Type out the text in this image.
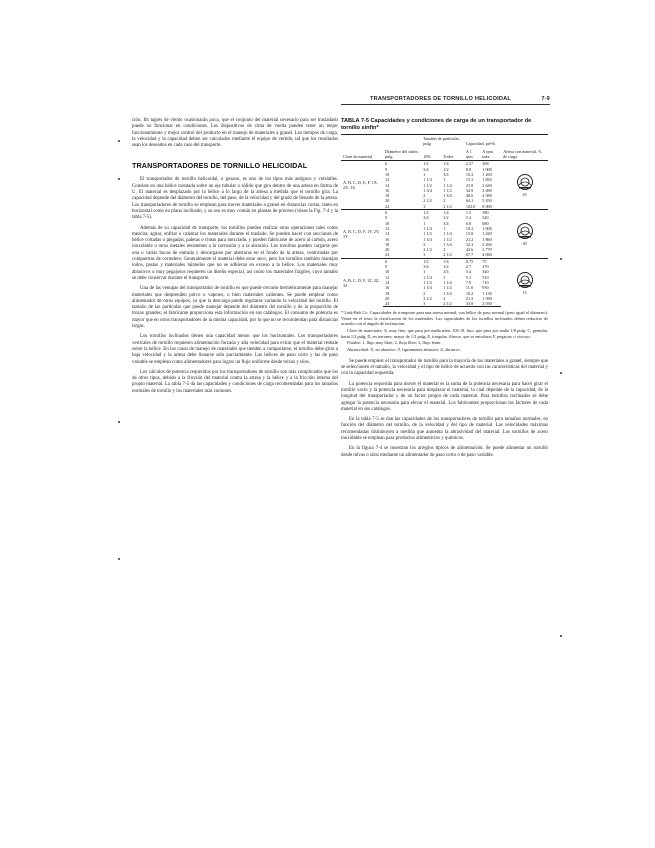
TRANSPORTADORES DE TORNILLO HELICOIDAL	7-9

ción. Ith tagres de viento ocasionarán poca, que el conjunto del material necesario para ser trasladado puede no funcionar en condiciones. Los dispositivos de cinta de vuelta pueden tener un mejor funcionamiento y mejor control del producto en el manejo de materiales a granel. Los tiempos de carga, la velocidad y la capacidad deben ser calculados mediante el equipo de vertido, tal que los resultados sean los deseados en cada caso del transporte.

TRANSPORTADORES DE TORNILLO HELICOIDAL

El transportador de tornillo helicoidal, o gusano, es uno de los tipos más antiguos y versátiles. Consiste en una hélice montada sobre un eje tubular o sólido que gira dentro de una artesa en forma de U. El material es desplazado por la hélice a lo largo de la artesa a medida que el tornillo gira. La capacidad depende del diámetro del tornillo, del paso, de la velocidad y del grado de llenado de la artesa. Los transportadores de tornillo se emplean para mover materiales a granel en distancias cortas, tanto en horizontal como en plano inclinado, y su uso es muy común en plantas de proceso (véase la Fig. 7-4 y la tabla 7-5).

Además de su capacidad de transporte, los tornillos pueden realizar otras operaciones tales como mezclar, agitar, enfriar o calentar los materiales durante el traslado. Se pueden hacer con secciones de hélice cortadas o plegadas, paletas o cintas para mezclado, y pueden fabricarse de acero al carbón, acero inoxidable u otros metales resistentes a la corrosión y a la abrasión. Los tornillos pueden cargarse por una o varias bocas de entrada y descargarse por aberturas en el fondo de la artesa, controladas por compuertas de corredera. Generalmente el material debe estar seco, pero los tornillos también manejan lodos, pastas y materiales húmedos que no se adhieran en exceso a la hélice. Los materiales muy abrasivos o muy pegajosos requieren un diseño especial, así como los materiales frágiles, cuyo tamaño se debe conservar durante el transporte.

Una de las ventajas del transportador de tornillo es que puede cerrarse herméticamente para manejar materiales que desprenden polvo o vapores, o bien materiales calientes. Se puede emplear como alimentador de otros equipos, ya que la descarga puede regularse variando la velocidad del tornillo. El tamaño de las partículas que puede manejar depende del diámetro del tornillo y de la proporción de trozos grandes; el fabricante proporciona esta información en sus catálogos. El consumo de potencia es mayor que en otros transportadores de la misma capacidad, por lo que no se recomiendan para distancias largas.

Los tornillos inclinados tienen una capacidad menor que los horizontales. Los transportadores verticales de tornillo requieren alimentación forzada y alta velocidad para evitar que el material resbale sobre la hélice. En los casos de manejo de materiales que tienden a compactarse, el tornillo debe girar a baja velocidad y la artesa debe llenarse sólo parcialmente. Las hélices de paso corto y las de paso variable se emplean como alimentadores para lograr un flujo uniforme desde tolvas y silos.

Los cálculos de potencia requeridos por los transportadores de tornillo son más complicados que los de otros tipos, debido a la fricción del material contra la artesa y la hélice y a la fricción interna del propio material. La tabla 7-5 da las capacidades y condiciones de carga recomendadas para los tamaños normales de tornillo y los materiales más comunes.

TABLA 7-5 Capacidades y condiciones de carga de un transportador de tornillo sinfín*
Clase de material	Diámetro del sinfín, pulg	Tamaño de partículas, pulg		Capacidad, pie³/h		Artesa con material, % de carga
		10%	Todos	A 1 rpm	A rpm máx.	
A, B, C, D, E, F, 1X, 2X, 3X	6	1/2	1/4	2.27	368	45

	9	3/4	1/2	8.0	1 000	
	10	1	3/4	10.2	1 260	
	12	1 1/4	1	15.3	1 850	
	14	1 1/2	1 1/4	23.8	2 640	
	16	1 3/4	1 1/2	34.9	3 490	
	18	2	1 3/4	48.6	4 380	
	20	2 1/2	2	64.1	5 450	
	24	3	2 1/2	102.0	8 000	
A, B, C, D, F, 1Y, 2Y, 3Y	6	1/2	1/4	1.5	180	30

	9	3/4	1/2	5.4	540	
	10	1	3/4	6.8	680	
	12	1 1/4	1	10.2	1 000	
	14	1 1/2	1 1/4	15.8	1 420	
	16	1 3/4	1 1/2	23.2	1 860	
	18	2	1 3/4	32.3	2 260	
	20	2 1/2	2	42.6	2 770	
	24	3	2 1/2	67.7	4 060	
A, B, C, D, F, 1Z, 2Z, 3Z	6	1/2	1/4	0.75	75	15

	9	3/4	1/2	2.7	270	
	10	1	3/4	3.4	340	
	12	1 1/4	1	5.1	510	
	14	1 1/2	1 1/4	7.9	710	
	16	1 3/4	1 1/2	11.6	930	
	18	2	1 3/4	16.2	1 130	
	20	2 1/2	2	21.3	1 390	
	24	3	2 1/2	33.8	2 030	

* Link-Belt Co. Capacidades de transporte para una artesa normal, con hélice de paso normal (paso igual al diámetro). Véase en el texto la clasificación de los materiales. Las capacidades de los tornillos inclinados deben reducirse de acuerdo con el ángulo de inclinación.

Clave de materiales: A, muy fino, que pasa por malla núm. 100; B, fino, que pasa por malla 1/8 pulg; C, granular, hasta 1/2 pulg; D, en terrones, mayor de 1/2 pulg; E, irregular, fibroso, que se entrelaza; F, pegajoso o viscoso.

Fluidez: 1, flujo muy libre; 2, flujo libre; 3, flujo lento.

Abrasividad: X, no abrasivo; Y, ligeramente abrasivo; Z, abrasivo.

Se puede emplear el transportador de tornillo para la mayoría de los materiales a granel, siempre que se seleccionen el tamaño, la velocidad y el tipo de hélice de acuerdo con las características del material y con la capacidad requerida.

La potencia requerida para mover el material es la suma de la potencia necesaria para hacer girar el tornillo vacío y la potencia necesaria para desplazar el material, la cual depende de la capacidad, de la longitud del transportador y de un factor propio de cada material. Para tornillos inclinados se debe agregar la potencia necesaria para elevar el material. Los fabricantes proporcionan los factores de cada material en sus catálogos.

En la tabla 7-5 se dan las capacidades de los transportadores de tornillo para tamaños normales, en función del diámetro del tornillo, de la velocidad y del tipo de material. Las velocidades máximas recomendadas disminuyen a medida que aumenta la abrasividad del material. Los tornillos de acero inoxidable se emplean para productos alimenticios y químicos.

En la figura 7-4 se muestran los arreglos típicos de alimentación. Se puede alimentar un tornillo desde tolvas o silos mediante un alimentador de paso corto o de paso variable.
